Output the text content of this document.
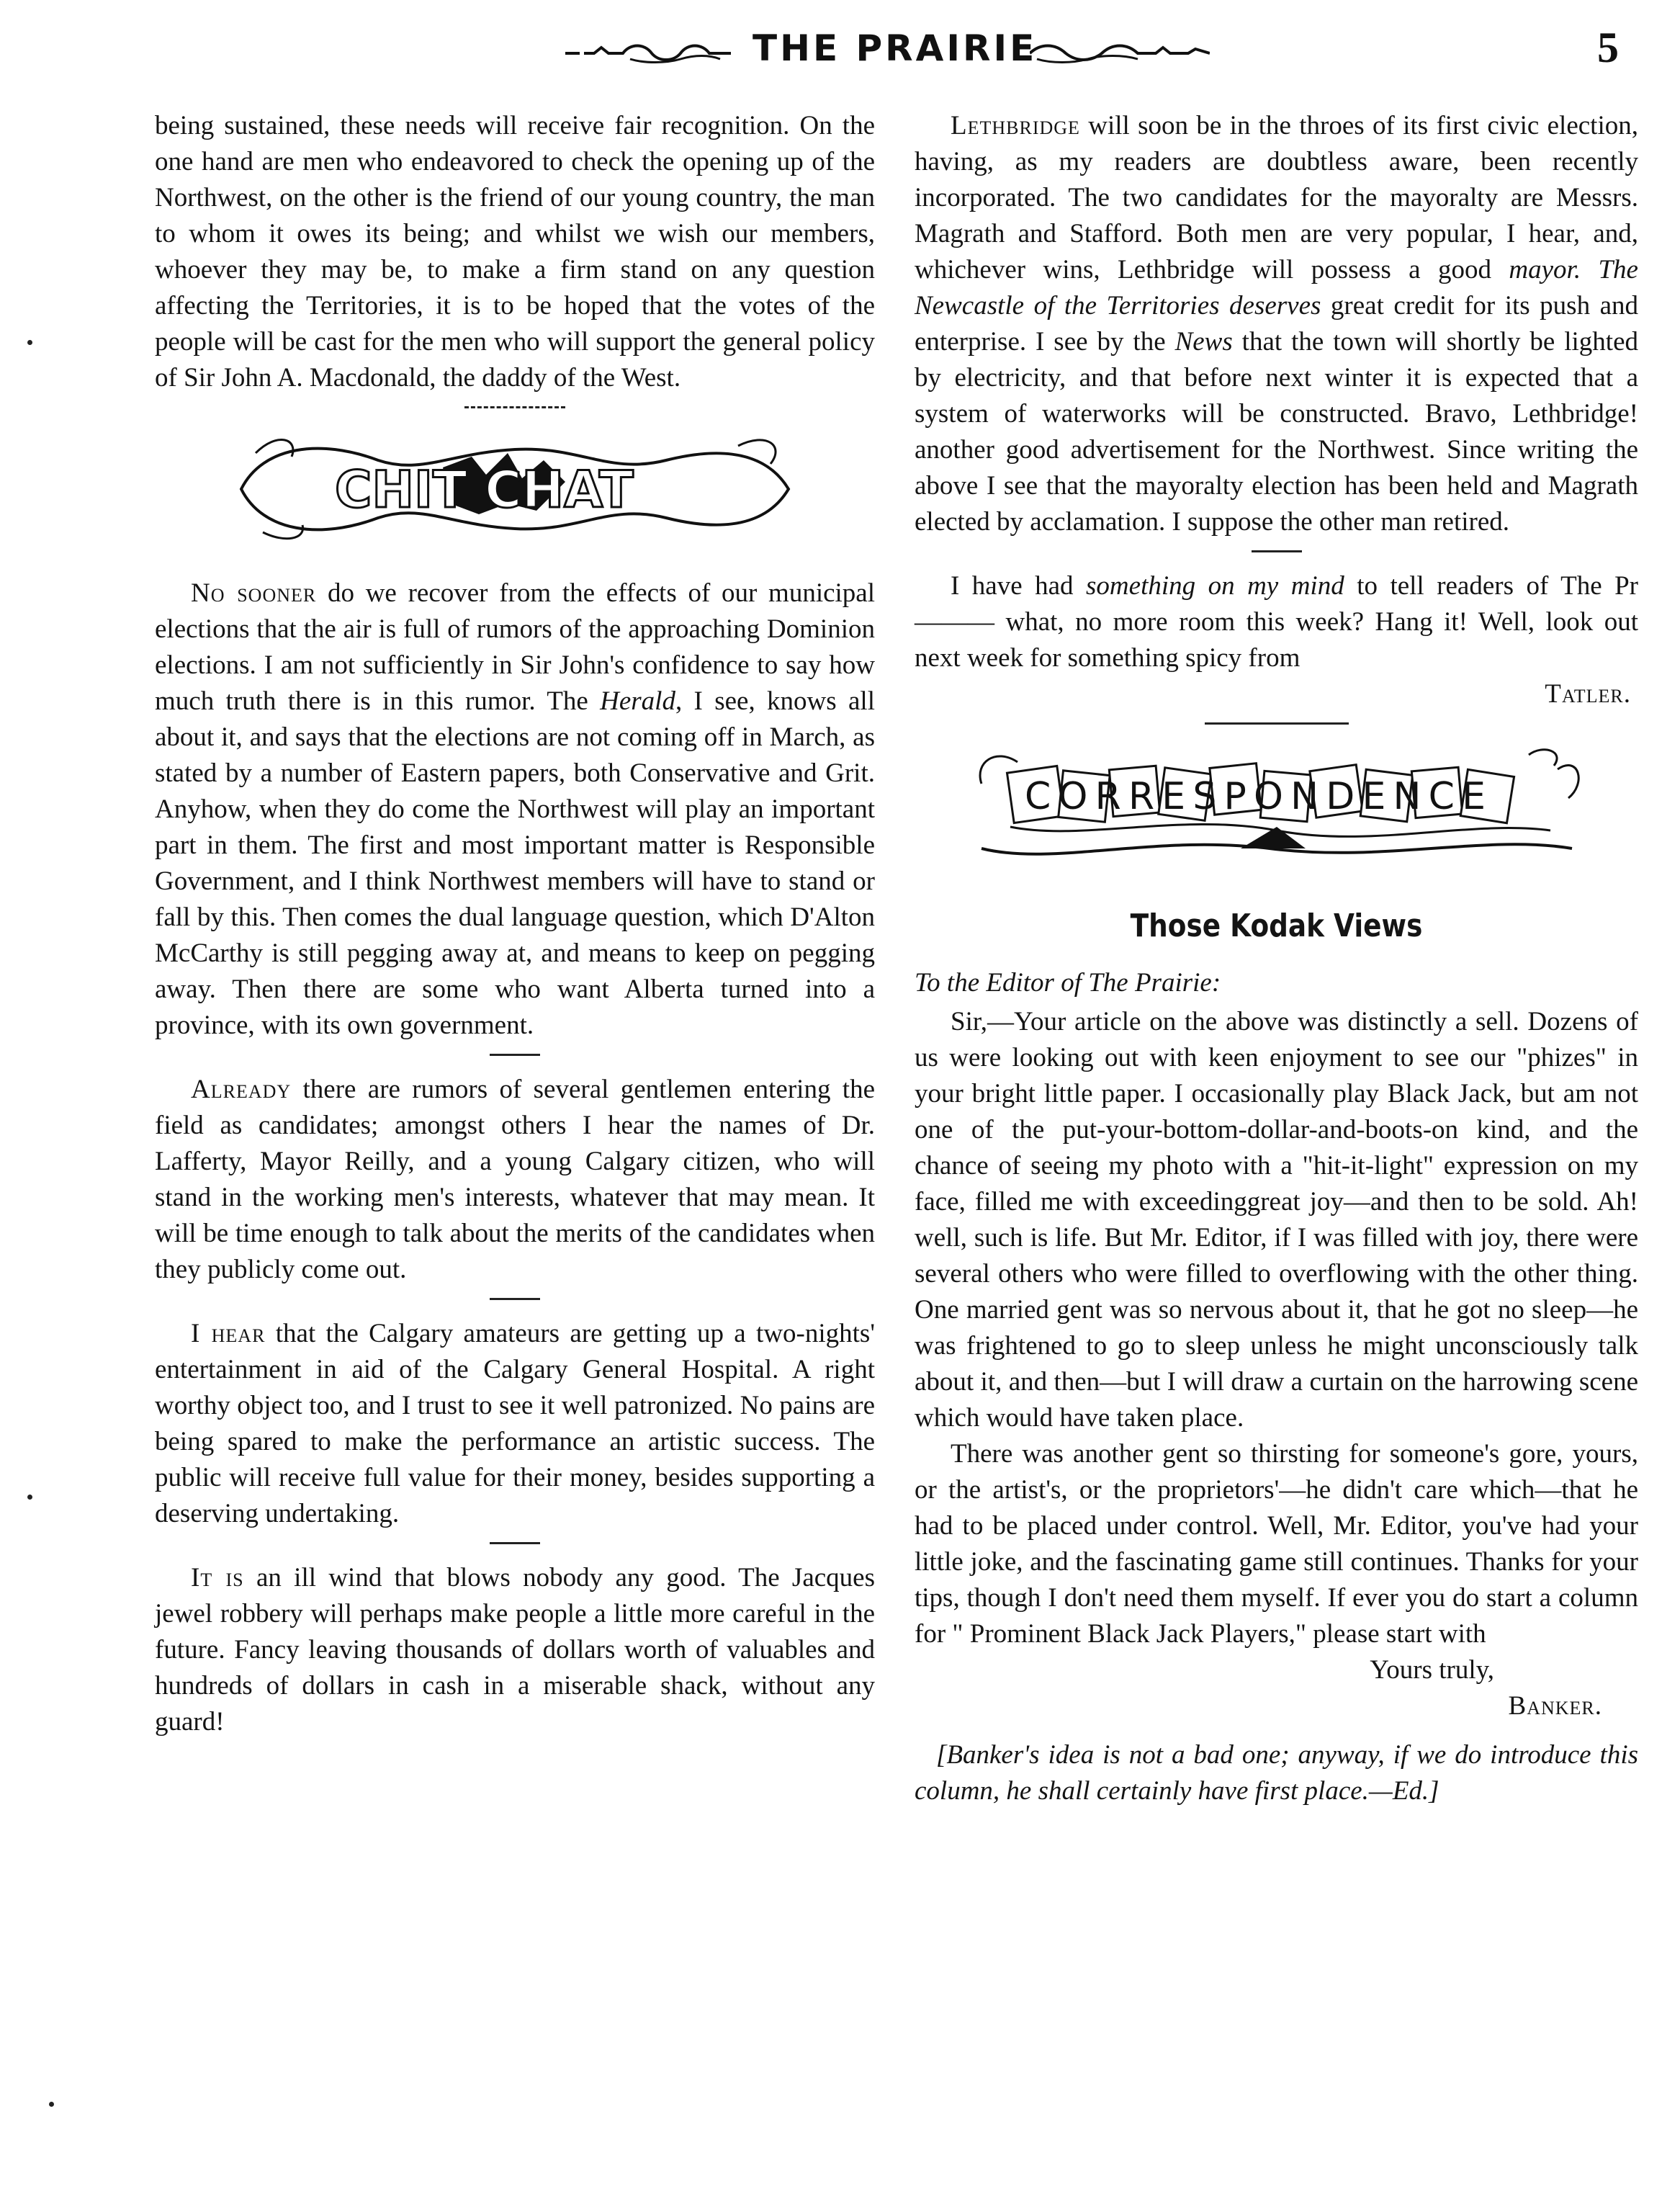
THE PRAIRIE	5

being sustained, these needs will receive fair recognition. On the one hand are men who endeavored to check the opening up of the Northwest, on the other is the friend of our young country, the man to whom it owes its being; and whilst we wish our members, whoever they may be, to make a firm stand on any question affecting the Territories, it is to be hoped that the votes of the people will be cast for the men who will support the general policy of Sir John A. Macdonald, the daddy of the West.

CHIT CHAT

No sooner do we recover from the effects of our municipal elections that the air is full of rumors of the approaching Dominion elections. I am not sufficiently in Sir John's confidence to say how much truth there is in this rumor. The Herald, I see, knows all about it, and says that the elections are not coming off in March, as stated by a number of Eastern papers, both Conservative and Grit. Anyhow, when they do come the Northwest will play an important part in them. The first and most important matter is Responsible Government, and I think Northwest members will have to stand or fall by this. Then comes the dual language question, which D'Alton McCarthy is still pegging away at, and means to keep on pegging away. Then there are some who want Alberta turned into a province, with its own government.

Already there are rumors of several gentlemen entering the field as candidates; amongst others I hear the names of Dr. Lafferty, Mayor Reilly, and a young Calgary citizen, who will stand in the working men's interests, whatever that may mean. It will be time enough to talk about the merits of the candidates when they publicly come out.

I hear that the Calgary amateurs are getting up a two-nights' entertainment in aid of the Calgary General Hospital. A right worthy object too, and I trust to see it well patronized. No pains are being spared to make the performance an artistic success. The public will receive full value for their money, besides supporting a deserving undertaking.

It is an ill wind that blows nobody any good. The Jacques jewel robbery will perhaps make people a little more careful in the future. Fancy leaving thousands of dollars worth of valuables and hundreds of dollars in cash in a miserable shack, without any guard!

Lethbridge will soon be in the throes of its first civic election, having, as my readers are doubtless aware, been recently incorporated. The two candidates for the mayoralty are Messrs. Magrath and Stafford. Both men are very popular, I hear, and, whichever wins, Lethbridge will possess a good mayor. The Newcastle of the Territories deserves great credit for its push and enterprise. I see by the News that the town will shortly be lighted by electricity, and that before next winter it is expected that a system of waterworks will be constructed. Bravo, Lethbridge! another good advertisement for the Northwest. Since writing the above I see that the mayoralty election has been held and Magrath elected by acclamation. I suppose the other man retired.

I have had something on my mind to tell readers of The Pr ——— what, no more room this week? Hang it! Well, look out next week for something spicy from

Tatler.
CORRESPONDENCE
Those Kodak Views

To the Editor of The Prairie:

Sir,—Your article on the above was distinctly a sell. Dozens of us were looking out with keen enjoyment to see our "phizes" in your bright little paper. I occasionally play Black Jack, but am not one of the put-your-bottom-dollar-and-boots-on kind, and the chance of seeing my photo with a "hit-it-light" expression on my face, filled me with exceedinggreat joy—and then to be sold. Ah! well, such is life. But Mr. Editor, if I was filled with joy, there were several others who were filled to overflowing with the other thing. One married gent was so nervous about it, that he got no sleep—he was frightened to go to sleep unless he might unconsciously talk about it, and then—but I will draw a curtain on the harrowing scene which would have taken place.

There was another gent so thirsting for someone's gore, yours, or the artist's, or the proprietors'—he didn't care which—that he had to be placed under control. Well, Mr. Editor, you've had your little joke, and the fascinating game still continues. Thanks for your tips, though I don't need them myself. If ever you do start a column for " Prominent Black Jack Players," please start with

Yours truly,
Banker.

[Banker's idea is not a bad one; anyway, if we do introduce this column, he shall certainly have first place.—Ed.]
